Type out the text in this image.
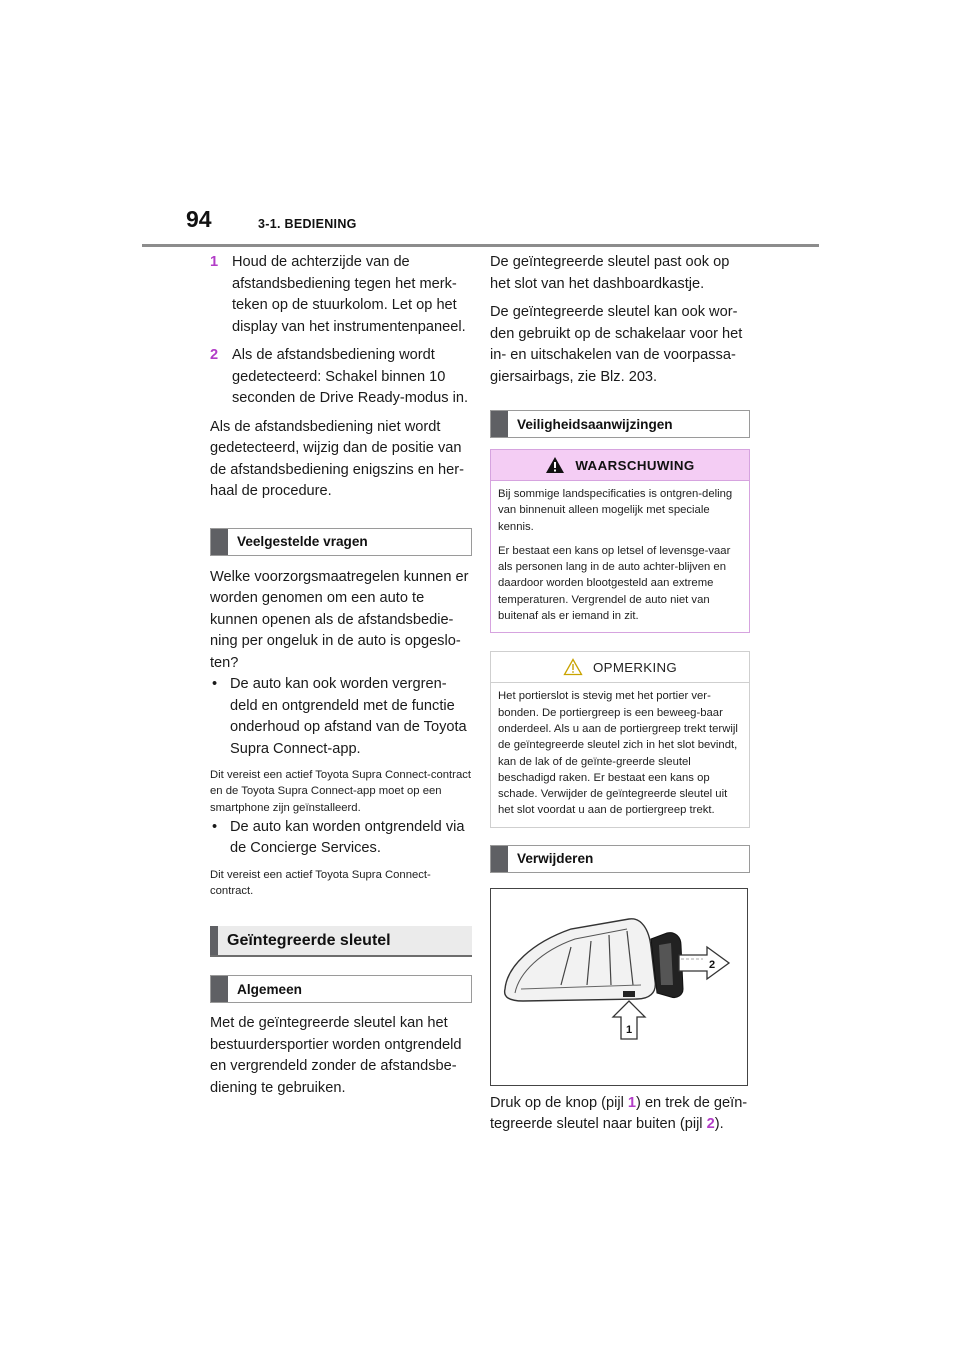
94	3-1. BEDIENING
1 Houd de achterzijde van de afstandsbediening tegen het merk-teken op de stuurkolom. Let op het display van het instrumentenpaneel.
2 Als de afstandsbediening wordt gedetecteerd: Schakel binnen 10 seconden de Drive Ready-modus in.

Als de afstandsbediening niet wordt gedetecteerd, wijzig dan de positie van de afstandsbediening enigszins en her-haal de procedure.

Veelgestelde vragen

Welke voorzorgsmaatregelen kunnen er worden genomen om een auto te kunnen openen als de afstandsbedie-ning per ongeluk in de auto is opgeslo-ten?

• De auto kan ook worden vergren-deld en ontgrendeld met de functie onderhoud op afstand van de Toyota Supra Connect-app.

Dit vereist een actief Toyota Supra Connect-contract en de Toyota Supra Connect-app moet op een smartphone zijn geïnstalleerd.

• De auto kan worden ontgrendeld via de Concierge Services.

Dit vereist een actief Toyota Supra Connect-contract.

Geïntegreerde sleutel
Algemeen

Met de geïntegreerde sleutel kan het bestuurdersportier worden ontgrendeld en vergrendeld zonder de afstandsbe-diening te gebruiken.

De geïntegreerde sleutel past ook op het slot van het dashboardkastje.

De geïntegreerde sleutel kan ook wor-den gebruikt op de schakelaar voor het in- en uitschakelen van de voorpassa-giersairbags, zie Blz. 203.

Veiligheidsaanwijzingen
WAARSCHUWING

Bij sommige landspecificaties is ontgren-deling van binnenuit alleen mogelijk met speciale kennis.

Er bestaat een kans op letsel of levensge-vaar als personen lang in de auto achter-blijven en daardoor worden blootgesteld aan extreme temperaturen. Vergrendel de auto niet van buitenaf als er iemand in zit.

OPMERKING

Het portierslot is stevig met het portier ver-bonden. De portiergreep is een beweeg-baar onderdeel. Als u aan de portiergreep trekt terwijl de geïntegreerde sleutel zich in het slot bevindt, kan de lak of de geïnte-greerde sleutel beschadigd raken. Er bestaat een kans op schade. Verwijder de geïntegreerde sleutel uit het slot voordat u aan de portiergreep trekt.

Verwijderen
2
1

Druk op de knop (pijl 1) en trek de geïn-tegreerde sleutel naar buiten (pijl 2).
